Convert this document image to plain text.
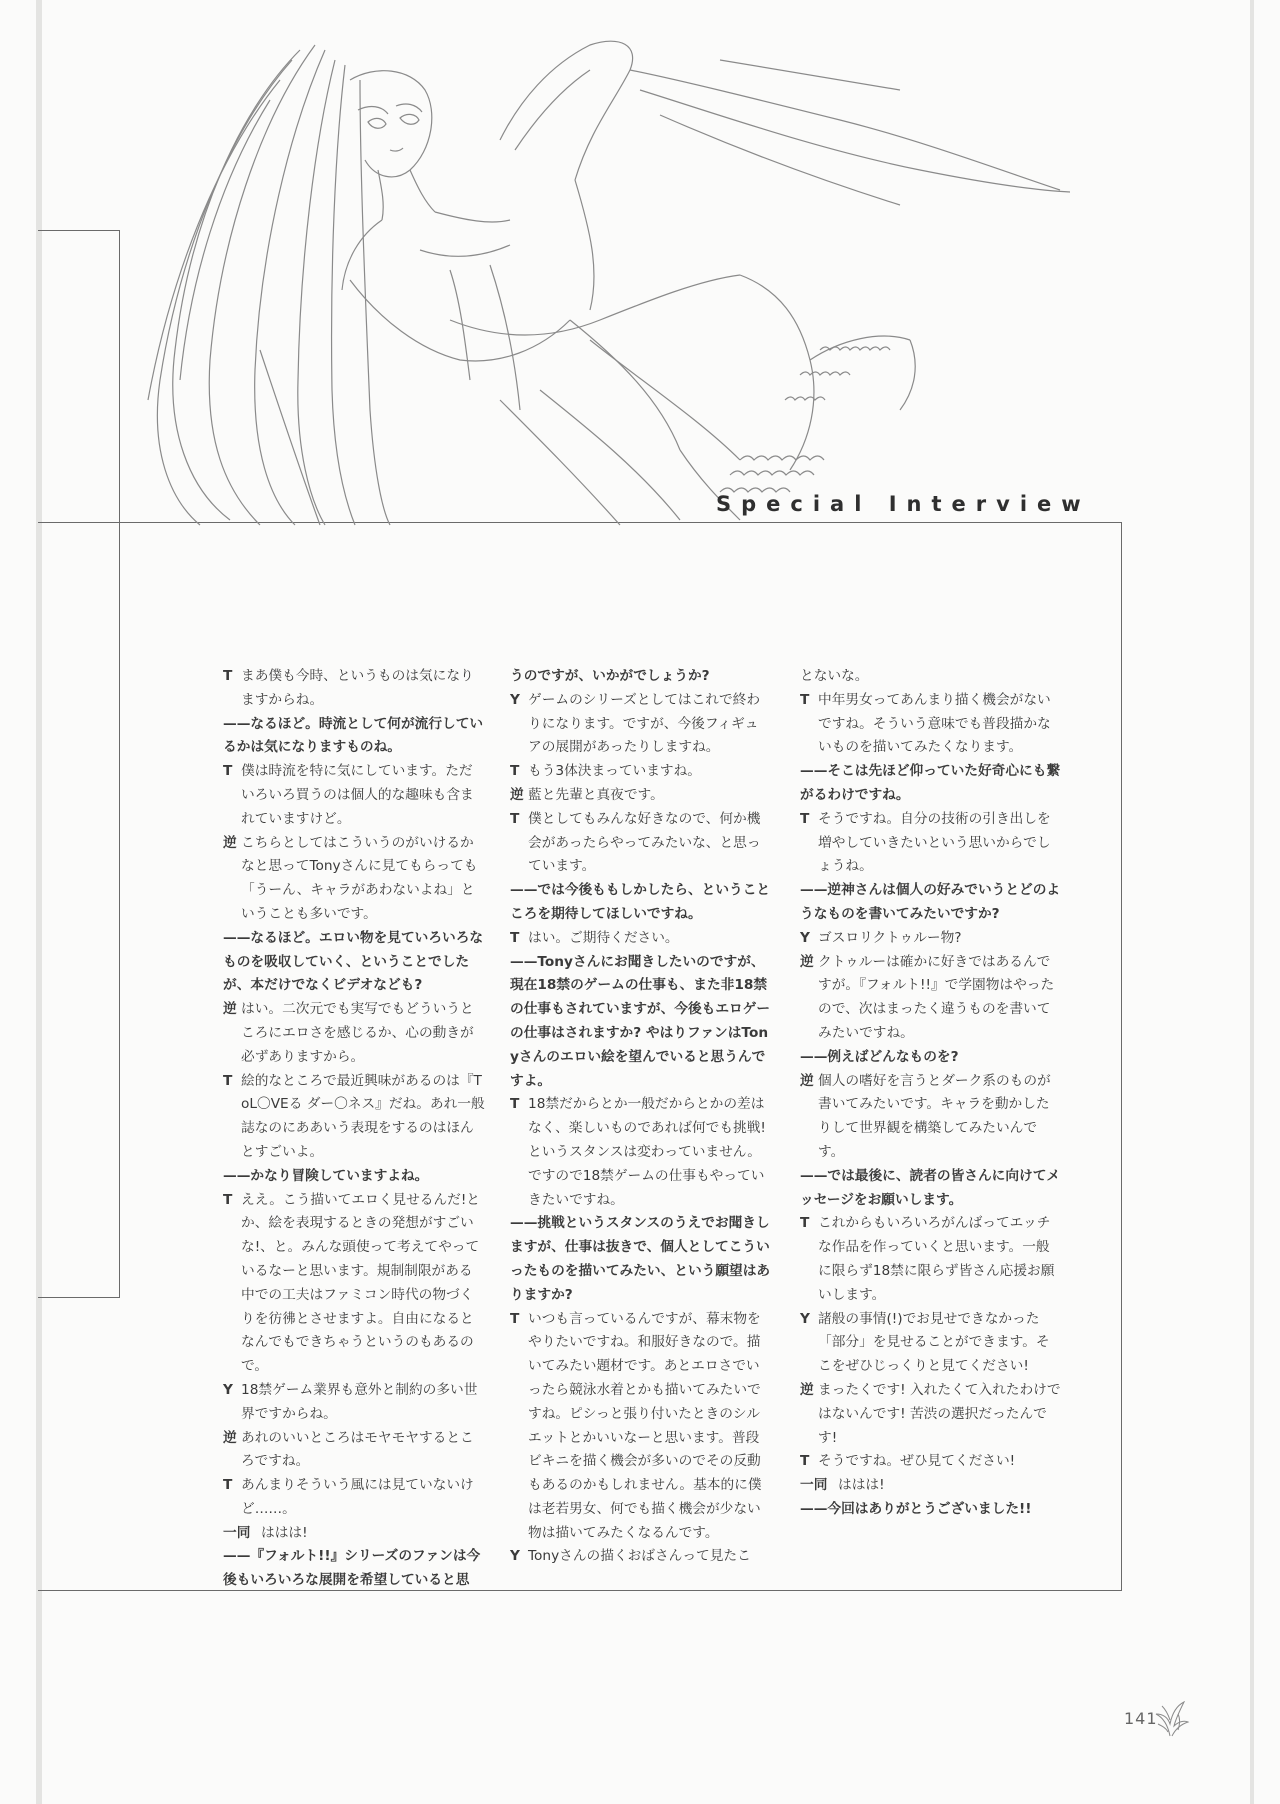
Special Interview

T まあ僕も今時、というものは気になりますからね。

——なるほど。時流として何が流行しているかは気になりますものね。

T 僕は時流を特に気にしています。ただいろいろ買うのは個人的な趣味も含まれていますけど。

逆 こちらとしてはこういうのがいけるかなと思ってTonyさんに見てもらっても「うーん、キャラがあわないよね」ということも多いです。

——なるほど。エロい物を見ていろいろなものを吸収していく、ということでしたが、本だけでなくビデオなども?

逆 はい。二次元でも実写でもどういうところにエロさを感じるか、心の動きが必ずありますから。

T 絵的なところで最近興味があるのは『ToL〇VEる ダー〇ネス』だね。あれ一般誌なのにああいう表現をするのはほんとすごいよ。

——かなり冒険していますよね。

T ええ。こう描いてエロく見せるんだ!とか、絵を表現するときの発想がすごいな!、と。みんな頭使って考えてやっているなーと思います。規制制限がある中での工夫はファミコン時代の物づくりを彷彿とさせますよ。自由になるとなんでもできちゃうというのもあるので。

Y 18禁ゲーム業界も意外と制約の多い世界ですからね。

逆 あれのいいところはモヤモヤするところですね。

T あんまりそういう風には見ていないけど……。

一同 ははは!

——『フォルト!!』シリーズのファンは今後もいろいろな展開を希望していると思

うのですが、いかがでしょうか?

Y ゲームのシリーズとしてはこれで終わりになります。ですが、今後フィギュアの展開があったりしますね。

T もう3体決まっていますね。

逆 藍と先輩と真夜です。

T 僕としてもみんな好きなので、何か機会があったらやってみたいな、と思っています。

——では今後ももしかしたら、ということころを期待してほしいですね。

T はい。ご期待ください。

——Tonyさんにお聞きしたいのですが、現在18禁のゲームの仕事も、また非18禁の仕事もされていますが、今後もエロゲーの仕事はされますか? やはりファンはTonyさんのエロい絵を望んでいると思うんですよ。

T 18禁だからとか一般だからとかの差はなく、楽しいものであれば何でも挑戦!というスタンスは変わっていません。ですので18禁ゲームの仕事もやっていきたいですね。

——挑戦というスタンスのうえでお聞きしますが、仕事は抜きで、個人としてこういったものを描いてみたい、という願望はありますか?

T いつも言っているんですが、幕末物をやりたいですね。和服好きなので。描いてみたい題材です。あとエロさでいったら競泳水着とかも描いてみたいですね。ピシっと張り付いたときのシルエットとかいいなーと思います。普段ビキニを描く機会が多いのでその反動もあるのかもしれません。基本的に僕は老若男女、何でも描く機会が少ない物は描いてみたくなるんです。

Y Tonyさんの描くおばさんって見たこ

とないな。

T 中年男女ってあんまり描く機会がないですね。そういう意味でも普段描かないものを描いてみたくなります。

——そこは先ほど仰っていた好奇心にも繋がるわけですね。

T そうですね。自分の技術の引き出しを増やしていきたいという思いからでしょうね。

——逆神さんは個人の好みでいうとどのようなものを書いてみたいですか?

Y ゴスロリクトゥルー物?

逆 クトゥルーは確かに好きではあるんですが。『フォルト!!』で学園物はやったので、次はまったく違うものを書いてみたいですね。

——例えばどんなものを?

逆 個人の嗜好を言うとダーク系のものが書いてみたいです。キャラを動かしたりして世界観を構築してみたいんです。

——では最後に、読者の皆さんに向けてメッセージをお願いします。

T これからもいろいろがんばってエッチな作品を作っていくと思います。一般に限らず18禁に限らず皆さん応援お願いします。

Y 諸般の事情(!)でお見せできなかった「部分」を見せることができます。そこをぜひじっくりと見てください!

逆 まったくです! 入れたくて入れたわけではないんです! 苦渋の選択だったんです!

T そうですね。ぜひ見てください!

一同 ははは!

——今回はありがとうございました!!

141
